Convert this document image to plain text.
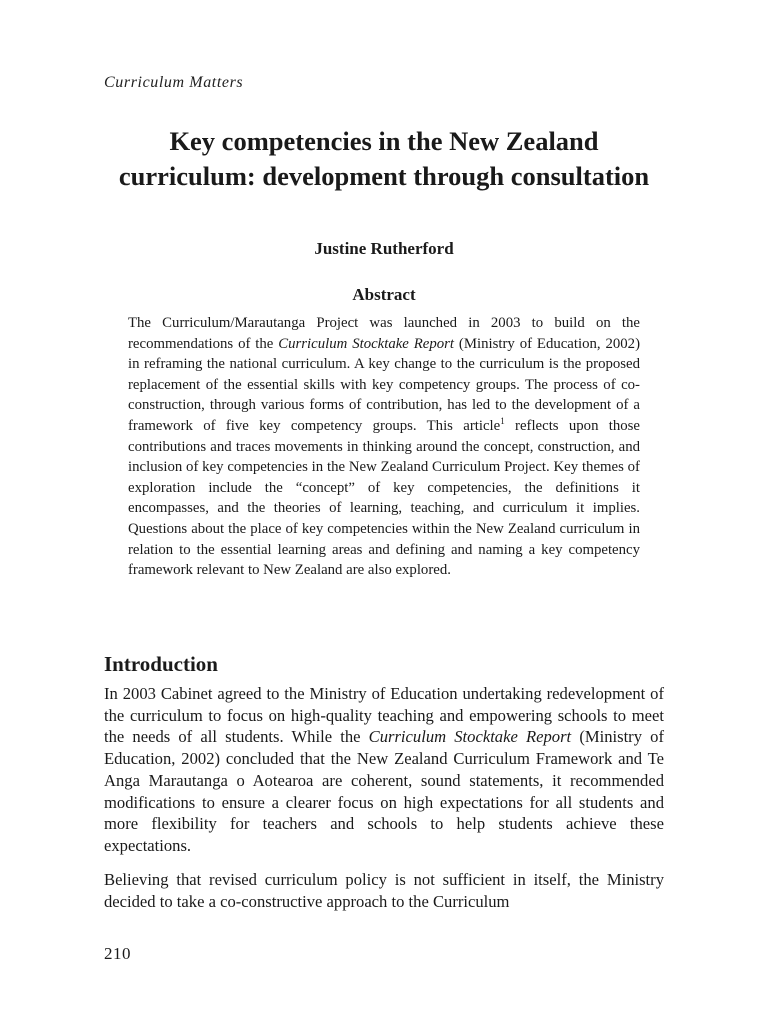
Curriculum Matters
Key competencies in the New Zealand curriculum: development through consultation
Justine Rutherford
Abstract
The Curriculum/Marautanga Project was launched in 2003 to build on the recommendations of the Curriculum Stocktake Report (Ministry of Education, 2002) in reframing the national curriculum. A key change to the curriculum is the proposed replacement of the essential skills with key competency groups. The process of co-construction, through various forms of contribution, has led to the development of a framework of five key competency groups. This article$^1$ reflects upon those contributions and traces movements in thinking around the concept, construction, and inclusion of key competencies in the New Zealand Curriculum Project. Key themes of exploration include the “concept” of key competencies, the definitions it encompasses, and the theories of learning, teaching, and curriculum it implies. Questions about the place of key competencies within the New Zealand curriculum in relation to the essential learning areas and defining and naming a key competency framework relevant to New Zealand are also explored.
Introduction
In 2003 Cabinet agreed to the Ministry of Education undertaking redevelopment of the curriculum to focus on high-quality teaching and empowering schools to meet the needs of all students. While the Curriculum Stocktake Report (Ministry of Education, 2002) concluded that the New Zealand Curriculum Framework and Te Anga Marautanga o Aotearoa are coherent, sound statements, it recommended modifications to ensure a clearer focus on high expectations for all students and more flexibility for teachers and schools to help students achieve these expectations.
Believing that revised curriculum policy is not sufficient in itself, the Ministry decided to take a co-constructive approach to the Curriculum
210
